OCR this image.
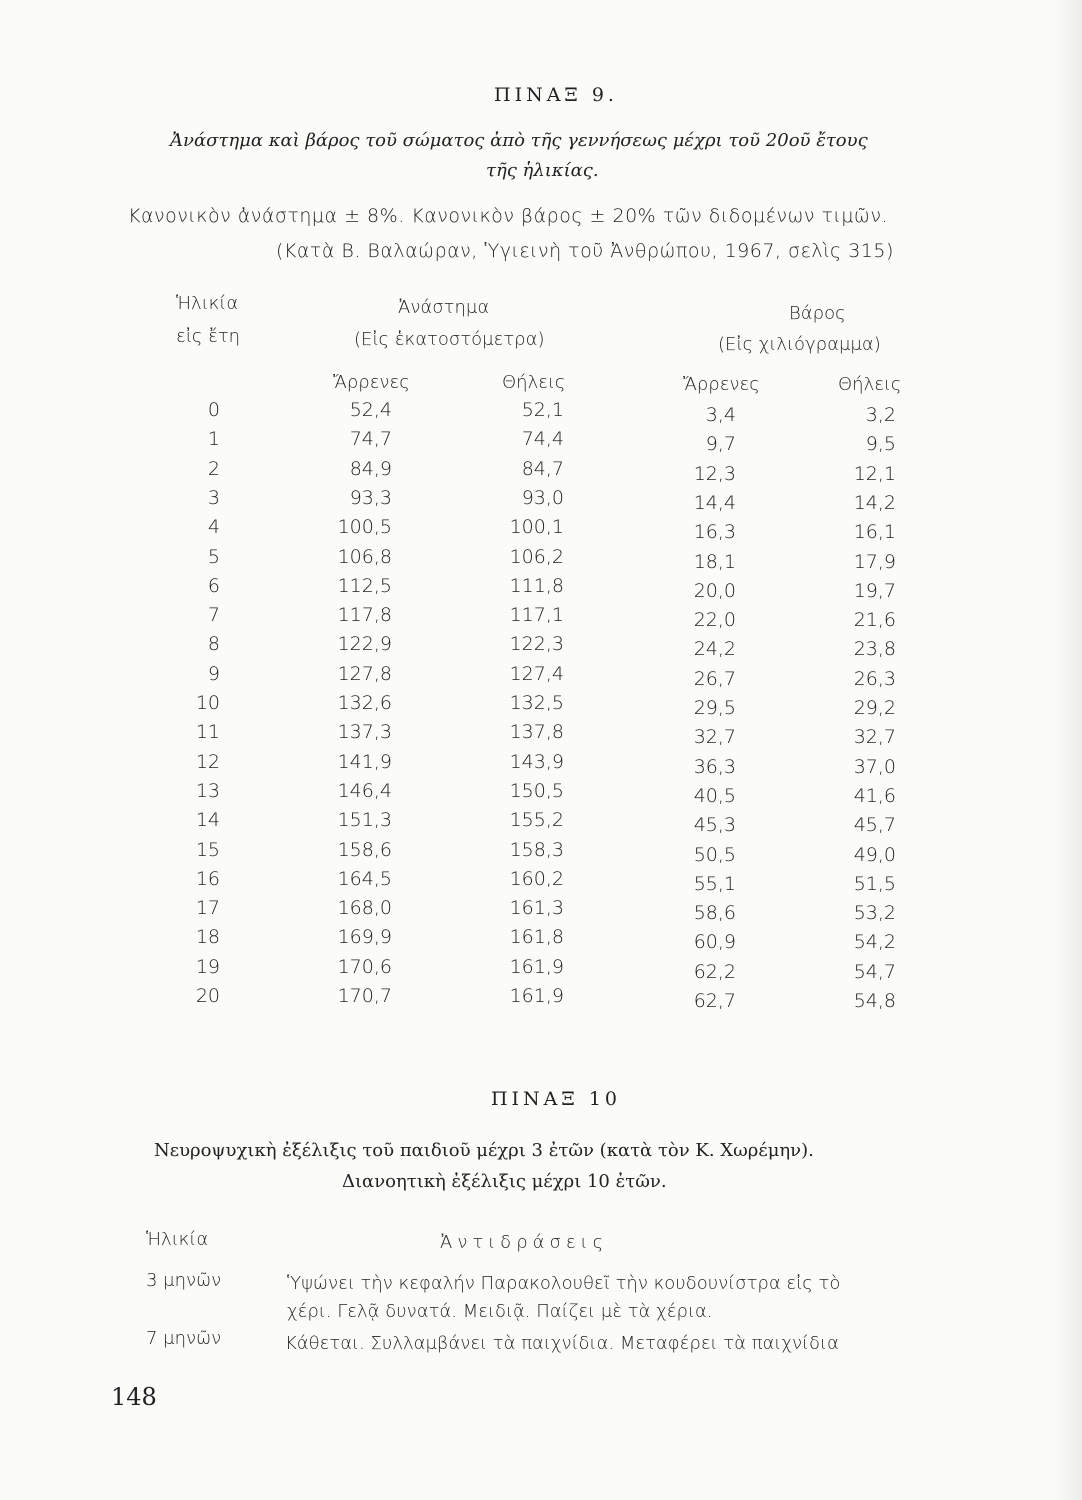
ΠΙΝΑΞ 9.
Ἀνάστημα καὶ βάρος τοῦ σώματος ἀπὸ τῆς γεννήσεως μέχρι τοῦ 20οῦ ἔτους
τῆς ἡλικίας.
Κανονικὸν ἀνάστημα ± 8%. Κανονικὸν βάρος ± 20% τῶν διδομένων τιμῶν.
(Κατὰ Β. Βαλαώραν, Ὑγιεινὴ τοῦ Ἀνθρώπου, 1967, σελὶς 315)
Ἡλικία
εἰς ἔτη
Ἀνάστημα
(Εἰς ἑκατοστόμετρα)
Βάρος
(Εἰς χιλιόγραμμα)
Ἄρρενες	Θήλεις	Ἄρρενες	Θήλεις
0	52,4	52,1	3,4	3,2
1	74,7	74,4	9,7	9,5
2	84,9	84,7	12,3	12,1
3	93,3	93,0	14,4	14,2
4	100,5	100,1	16,3	16,1
5	106,8	106,2	18,1	17,9
6	112,5	111,8	20,0	19,7
7	117,8	117,1	22,0	21,6
8	122,9	122,3	24,2	23,8
9	127,8	127,4	26,7	26,3
10	132,6	132,5	29,5	29,2
11	137,3	137,8	32,7	32,7
12	141,9	143,9	36,3	37,0
13	146,4	150,5	40,5	41,6
14	151,3	155,2	45,3	45,7
15	158,6	158,3	50,5	49,0
16	164,5	160,2	55,1	51,5
17	168,0	161,3	58,6	53,2
18	169,9	161,8	60,9	54,2
19	170,6	161,9	62,2	54,7
20	170,7	161,9	62,7	54,8
ΠΙΝΑΞ 10
Νευροψυχικὴ ἐξέλιξις τοῦ παιδιοῦ μέχρι 3 ἐτῶν (κατὰ τὸν Κ. Χωρέμην).
Διανοητικὴ ἐξέλιξις μέχρι 10 ἐτῶν.
Ἡλικία	Ἀντιδράσεις
3 μηνῶν	Ὑψώνει τὴν κεφαλήν Παρακολουθεῖ τὴν κουδουνίστρα εἰς τὸ
χέρι. Γελᾷ δυνατά. Μειδιᾷ. Παίζει μὲ τὰ χέρια.
7 μηνῶν	Κάθεται. Συλλαμβάνει τὰ παιχνίδια. Μεταφέρει τὰ παιχνίδια
148
